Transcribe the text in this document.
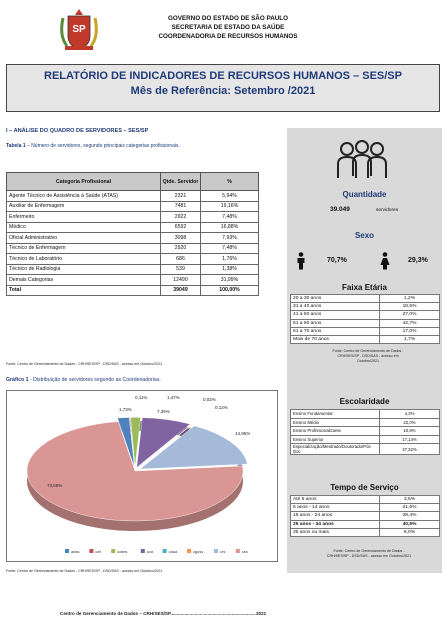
SP
GOVERNO DO ESTADO DE SÃO PAULO
SECRETARIA DE ESTADO DA SAÚDE
COORDENADORIA DE RECURSOS HUMANOS
RELATÓRIO DE INDICADORES DE RECURSOS HUMANOS – SES/SP
Mês de Referência: Setembro /2021
I – ANÁLISE DO QUADRO DE SERVIDORES – SES/SP
Tabela 1 – Número de servidores, segundo principais categorias profissionais.
Categoria Profissional	Qtde. Servidor	%
Agente Técnico de Assistência à Saúde (ATAS)	2321	5,94%
Auxiliar de Enfermagem	7481	19,16%
Enfermeiro	2922	7,48%
Médico	6592	16,88%
Oficial Administrativo	3098	7,93%
Técnico de Enfermagem	2920	7,48%
Técnico de Laboratório	686	1,76%
Técnico de Radiologia	539	1,38%
Demais Categorias	12490	31,99%
Total	39049	100,00%
Fonte: Centro de Gerenciamento de Dados - CRH/SES/SP - DSD/SAS - acesso em Outubro/2021
Gráfico 1 - Distribuição de servidores segundo as Coordenadorias.
1,73%
0,11%	1,47%
7,36%
0,02%
0,12%
14,95%
73,65%
adss	caf	ccties	ccd	cdua	cgcss	crs	css
Fonte: Centro de Gerenciamento de Dados - CRH/SES/SP - DSD/SAS - acesso em Outubro/2021
Quantidade
39.049	servidores
Sexo
70,7%	29,3%
Faixa Etária
20 a 30 anos	1,2%
31 a 40 anos	10,5%
41 a 50 anos	27,0%
51 a 60 anos	42,7%
61 a 70 anos	17,0%
Mais de 70 anos	1,7%
Fonte: Centro de Gerenciamento de Dados - CRH/SES/SP - DSD/SAS - acesso em Outubro/2021
Escolaridade
Ensino Fundamental	4,3%
Ensino Médio	22,0%
Ensino Profissionalizante	10,8%
Ensino Superior	17,14%
Especialização/Mestrado/Doutorado/Pós Doc	37,32%
Tempo de Serviço
Até 5 anos	3,6%
5 anos - 14 anos	21,5%
15 anos - 24 anos	28,4%
25 anos - 34 anos	40,5%
35 anos ou mais	6,0%
Fonte: Centro de Gerenciamento de Dados - CRH/SES/SP - DSD/SAS - acesso em Outubro/2021
Centro de Gerenciamento de Dados – CRH/SES/SP...................................................................2021
